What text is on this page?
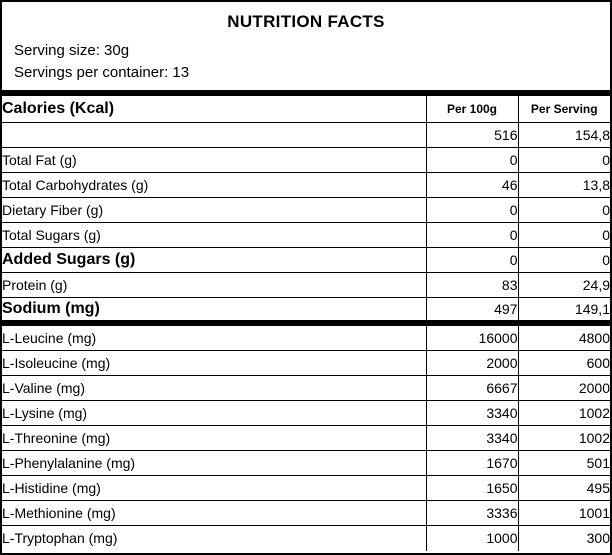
NUTRITION FACTS
Serving size: 30g
Servings per container: 13

Calories (Kcal)	Per 100g	Per Serving
	516	154,8
Total Fat (g)	0	0
Total Carbohydrates (g)	46	13,8
Dietary Fiber (g)	0	0
Total Sugars (g)	0	0
Added Sugars (g)	0	0
Protein (g)	83	24,9
Sodium (mg)	497	149,1

L-Leucine (mg)	16000	4800
L-Isoleucine (mg)	2000	600
L-Valine (mg)	6667	2000
L-Lysine (mg)	3340	1002
L-Threonine (mg)	3340	1002
L-Phenylalanine (mg)	1670	501
L-Histidine (mg)	1650	495
L-Methionine (mg)	3336	1001
L-Tryptophan (mg)	1000	300
